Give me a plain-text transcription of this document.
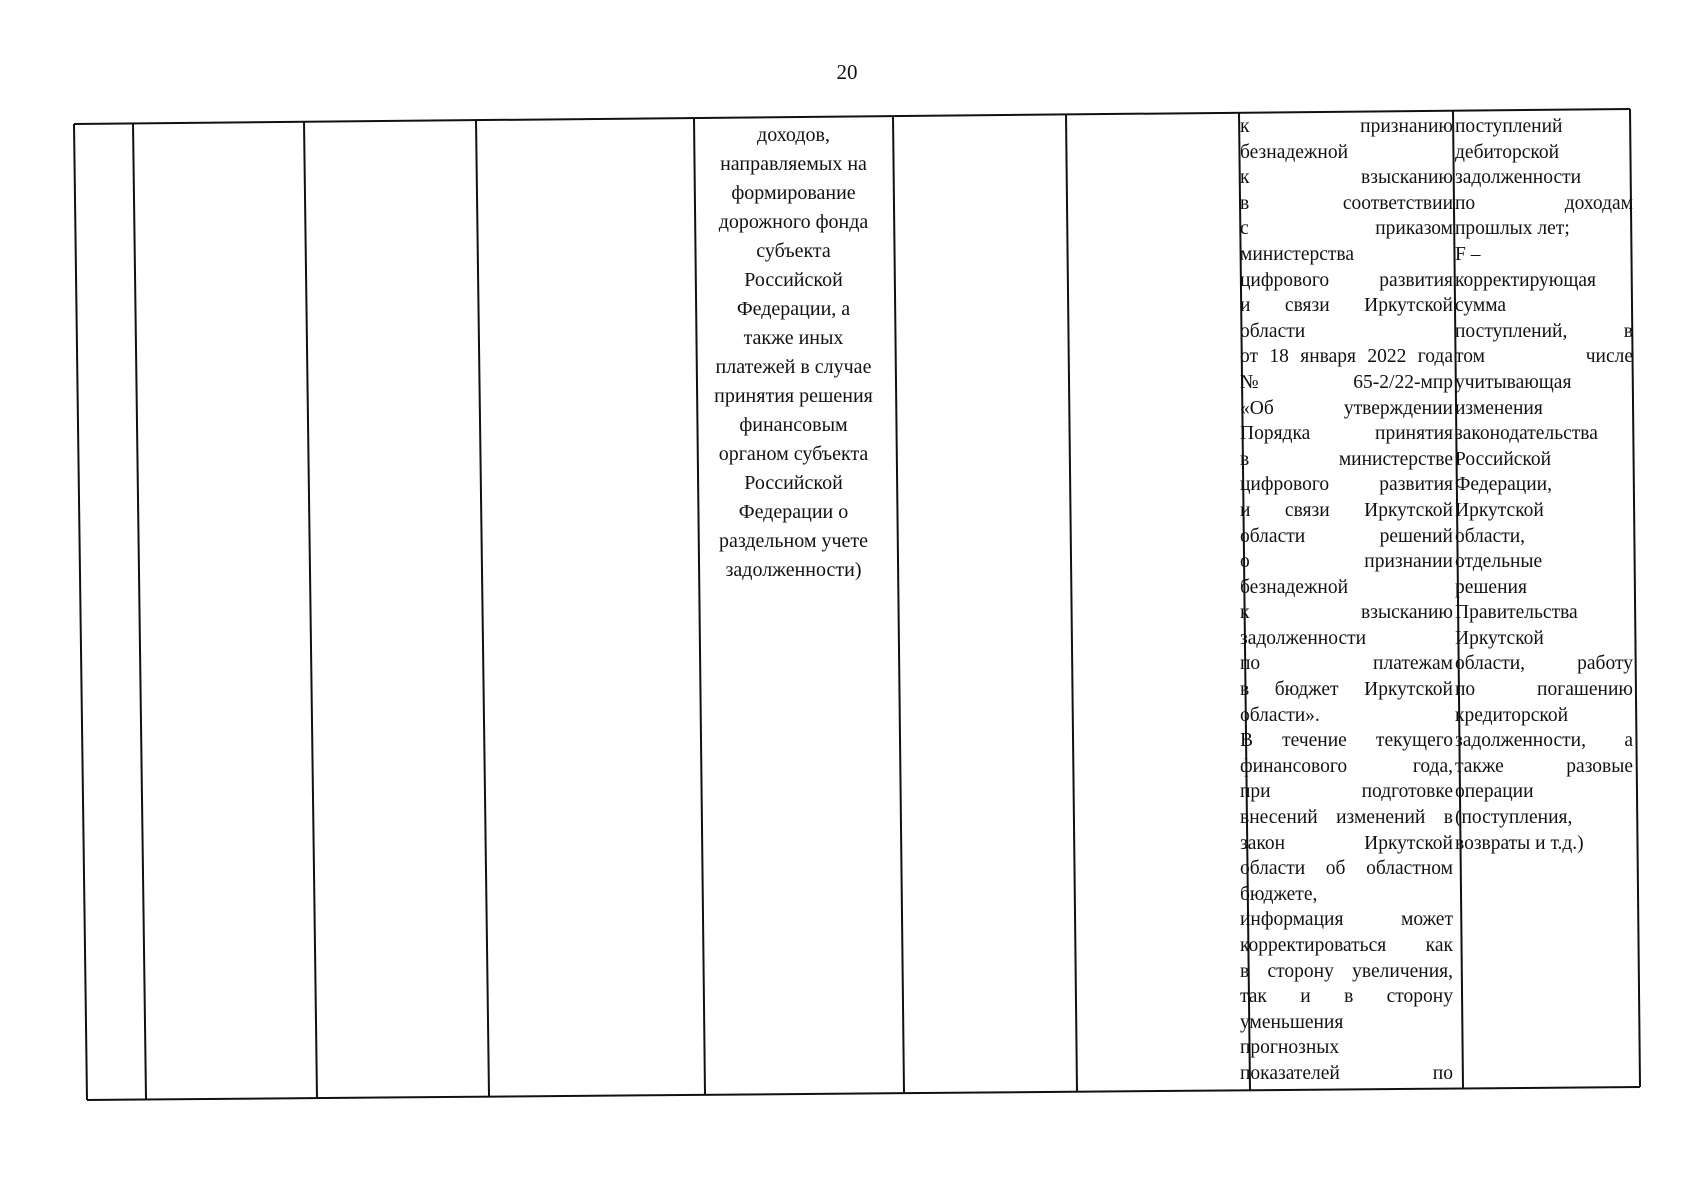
20
доходов,
направляемых на
формирование
дорожного фонда
субъекта
Российской
Федерации, а
также иных
платежей в случае
принятия решения
финансовым
органом субъекта
Российской
Федерации о
раздельном учете
задолженности)
к признанию
безнадежной
к взысканию
в соответствии
с приказом
министерства
цифрового развития
и связи Иркутской
области
от 18 января 2022 года
№ 65-2/22-мпр
«Об утверждении
Порядка принятия
в министерстве
цифрового развития
и связи Иркутской
области решений
о признании
безнадежной
к взысканию
задолженности
по платежам
в бюджет Иркутской
области».
В течение текущего
финансового года,
при подготовке
внесений изменений в
закон Иркутской
области об областном
бюджете,
информация может
корректироваться как
в сторону увеличения,
так и в сторону
уменьшения
прогнозных
показателей по
поступлений
дебиторской
задолженности
по доходам
прошлых лет;
F –
корректирующая
сумма
поступлений, в
том числе
учитывающая
изменения
законодательства
Российской
Федерации,
Иркутской
области,
отдельные
решения
Правительства
Иркутской
области, работу
по погашению
кредиторской
задолженности, а
также разовые
операции
(поступления,
возвраты и т.д.)
